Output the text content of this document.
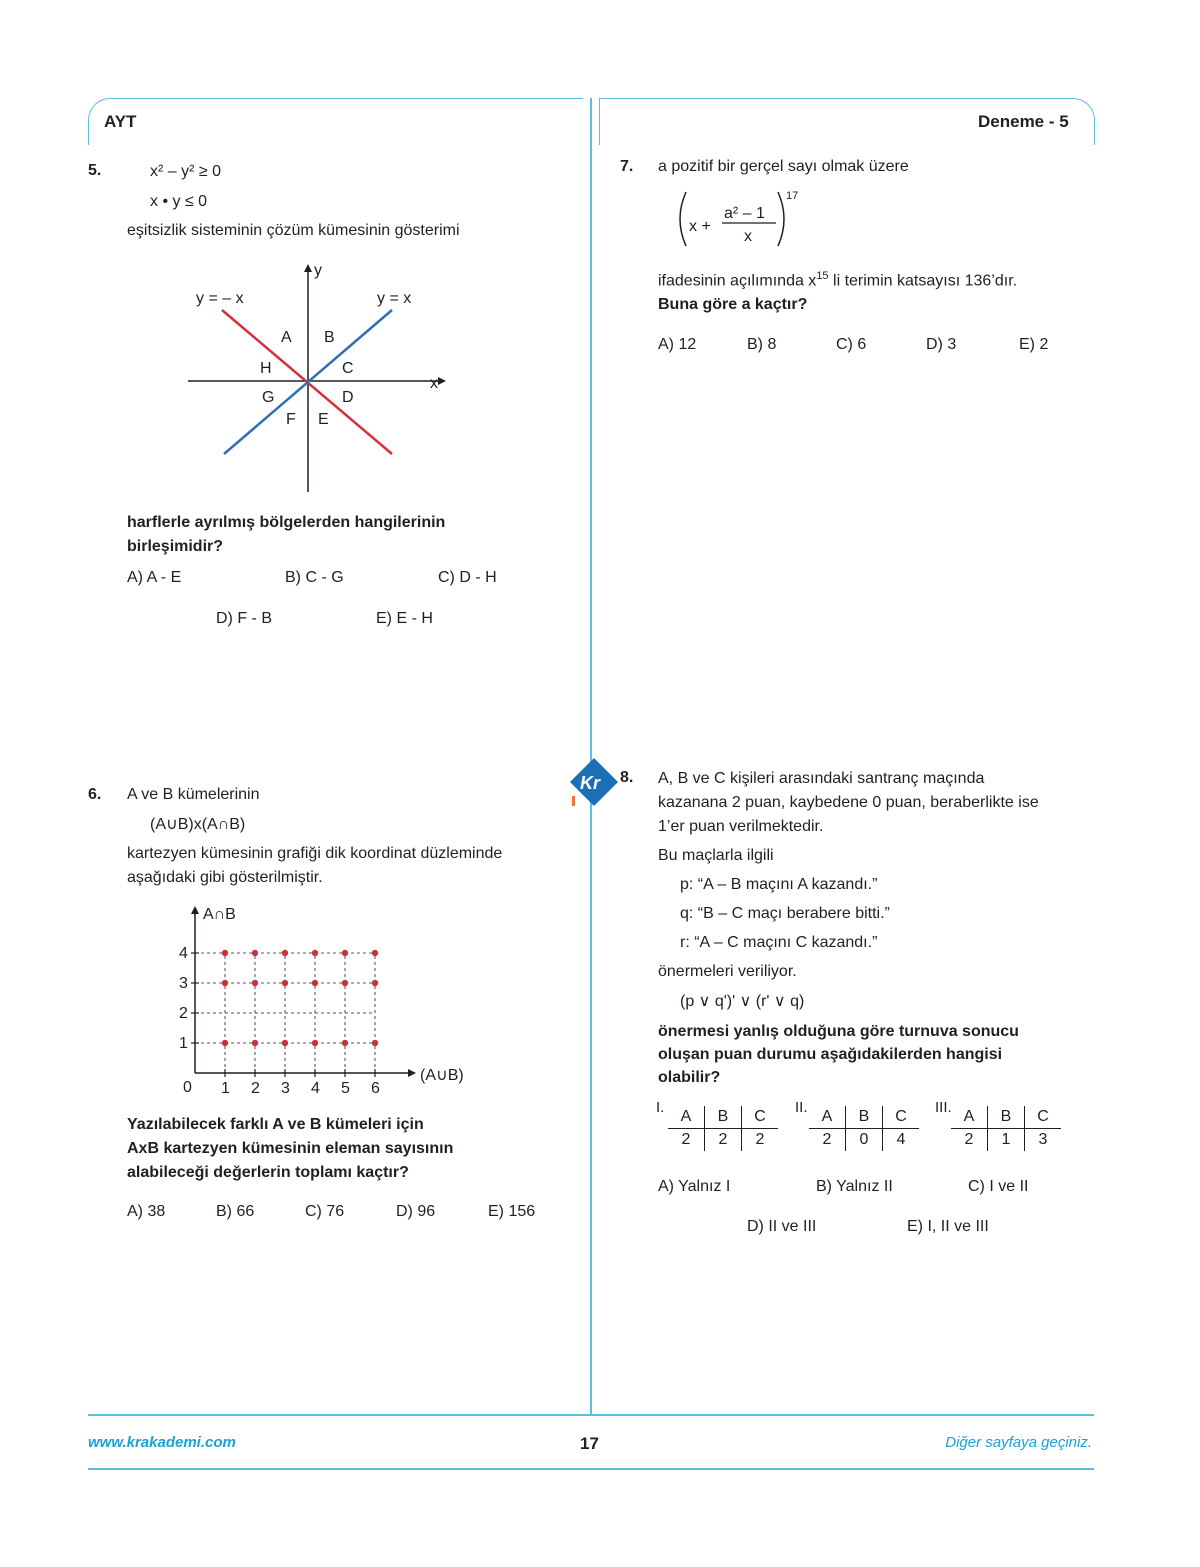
AYT	Deneme - 5
5.	x² – y² ≥ 0
x • y ≤ 0
eşitsizlik sisteminin çözüm kümesinin gösterimi
y = – x	y = x
x
y
A B
C
D
E
F
G
H
harflerle ayrılmış bölgelerden hangilerinin
birleşimidir?
A) A - E	B) C - G	C) D - H
D) F - B	E) E - H
6. A ve B kümelerinin
(A∪B)x(A∩B)
kartezyen kümesinin grafiği dik koordinat düzleminde
aşağıdaki gibi gösterilmiştir.
A∩B
(A∪B)
0
1
2
3
4
1 2 3 4 5 6
Yazılabilecek farklı A ve B kümeleri için
AxB kartezyen kümesinin eleman sayısının
alabileceği değerlerin toplamı kaçtır?
A) 38	B) 66	C) 76	D) 96	E) 156
7. a pozitif bir gerçel sayı olmak üzere
x +
a² – 1
x
17
ifadesinin açılımında $x^{15}$ li terimin katsayısı 136’dır.
Buna göre a kaçtır?
A) 12	B) 8	C) 6	D) 3	E) 2
Kr 8. A, B ve C kişileri arasındaki santranç maçında
kazanana 2 puan, kaybedene 0 puan, beraberlikte ise
1’er puan verilmektedir.
Bu maçlarla ilgili
p: “A – B maçını A kazandı.”
q: “B – C maçı berabere bitti.”
r: “A – C maçını C kazandı.”
önermeleri veriliyor.
(p ∨ q')' ∨ (r' ∨ q)
önermesi yanlış olduğuna göre turnuva sonucu
oluşan puan durumu aşağıdakilerden hangisi
olabilir?
I.
A	B	C
2	2	2
II.
A	B	C
2	0	4
III.
A	B	C
2	1	3
A) Yalnız I	B) Yalnız II	C) I ve II
D) II ve III	E) I, II ve III
www.krakademi.com	17	Diğer sayfaya geçiniz.
